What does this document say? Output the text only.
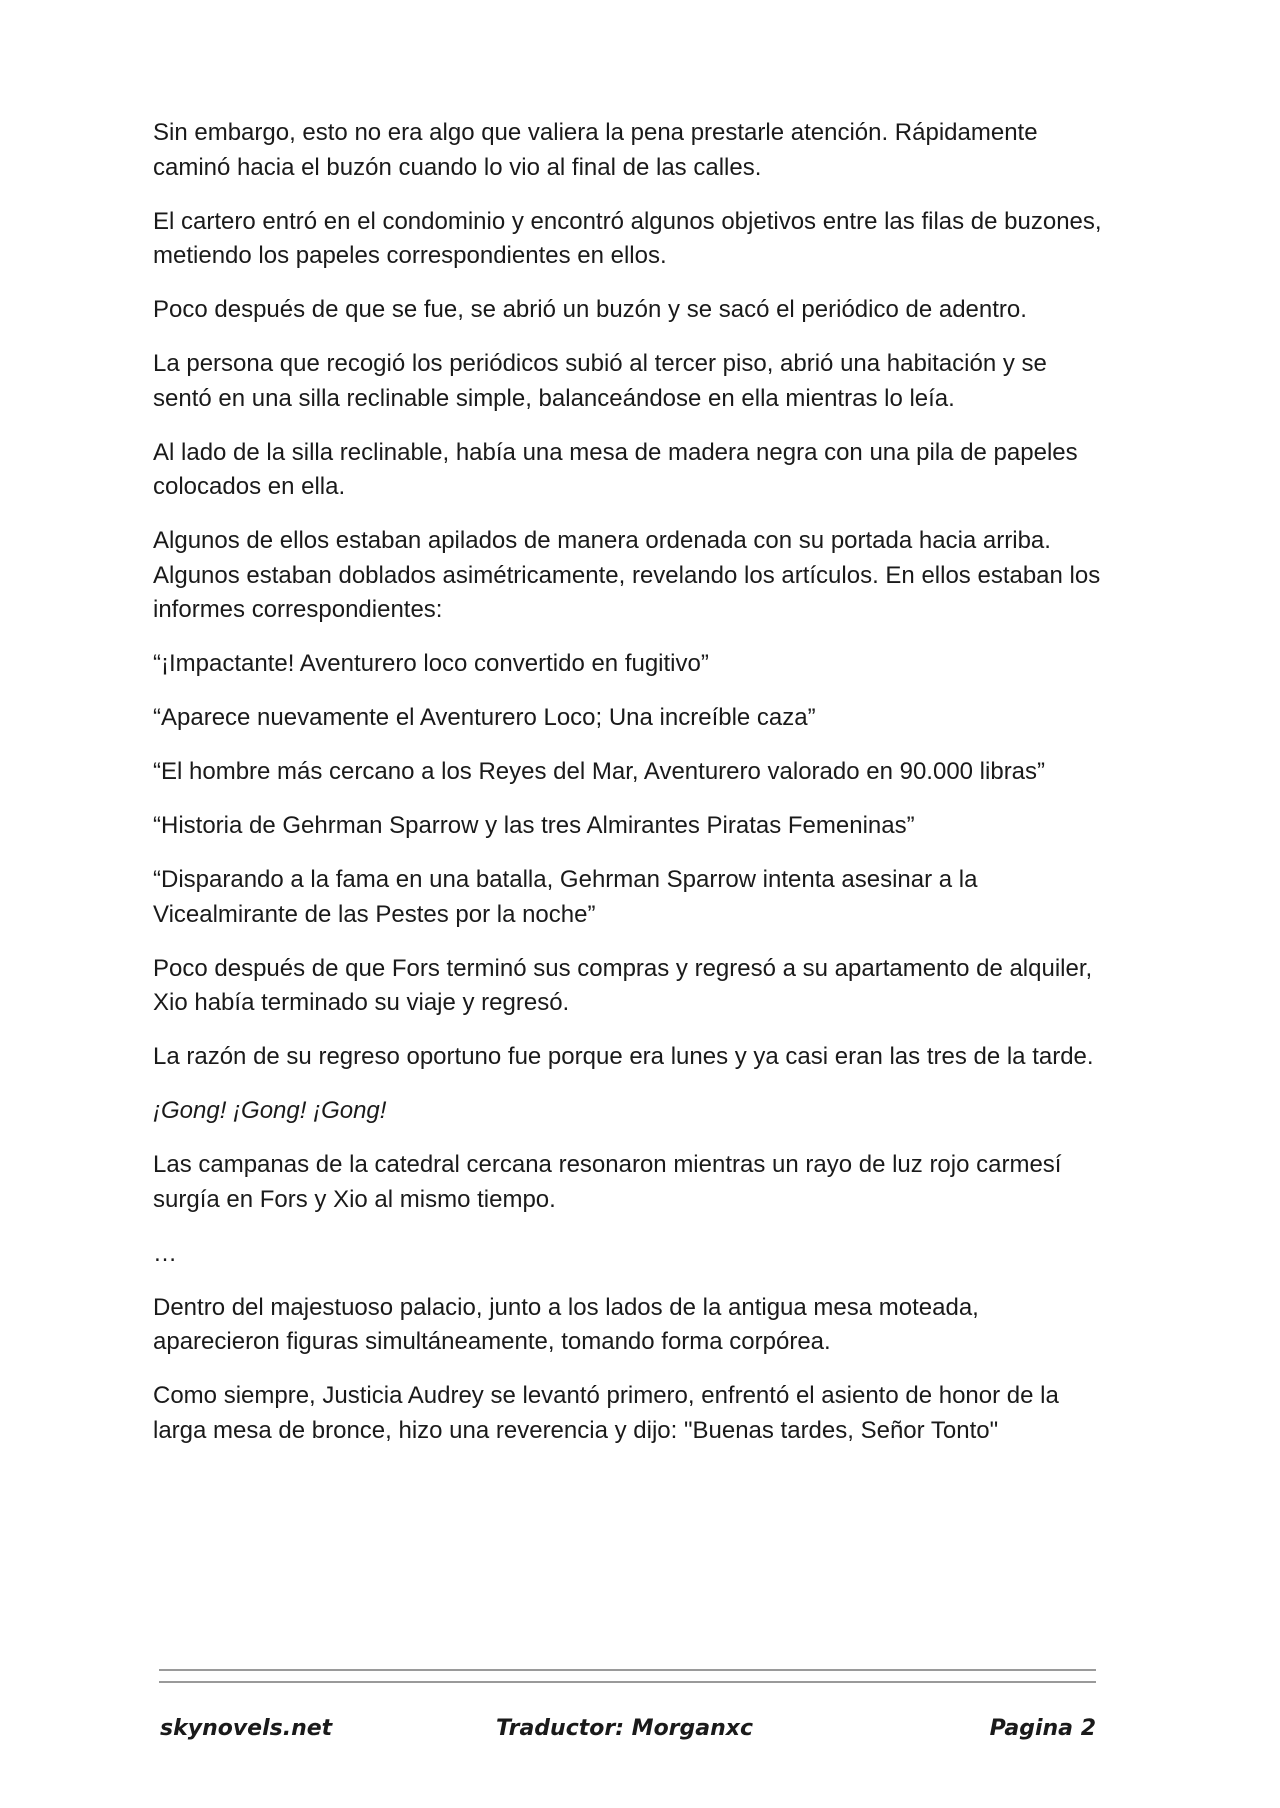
Sin embargo, esto no era algo que valiera la pena prestarle atención. Rápidamente caminó hacia el buzón cuando lo vio al final de las calles.

El cartero entró en el condominio y encontró algunos objetivos entre las filas de buzones, metiendo los papeles correspondientes en ellos.

Poco después de que se fue, se abrió un buzón y se sacó el periódico de adentro.

La persona que recogió los periódicos subió al tercer piso, abrió una habitación y se sentó en una silla reclinable simple, balanceándose en ella mientras lo leía.

Al lado de la silla reclinable, había una mesa de madera negra con una pila de papeles colocados en ella.

Algunos de ellos estaban apilados de manera ordenada con su portada hacia arriba. Algunos estaban doblados asimétricamente, revelando los artículos. En ellos estaban los informes correspondientes:

“¡Impactante! Aventurero loco convertido en fugitivo”

“Aparece nuevamente el Aventurero Loco; Una increíble caza”

“El hombre más cercano a los Reyes del Mar, Aventurero valorado en 90.000 libras”

“Historia de Gehrman Sparrow y las tres Almirantes Piratas Femeninas”

“Disparando a la fama en una batalla, Gehrman Sparrow intenta asesinar a la Vicealmirante de las Pestes por la noche”

Poco después de que Fors terminó sus compras y regresó a su apartamento de alquiler, Xio había terminado su viaje y regresó.

La razón de su regreso oportuno fue porque era lunes y ya casi eran las tres de la tarde.

¡Gong! ¡Gong! ¡Gong!

Las campanas de la catedral cercana resonaron mientras un rayo de luz rojo carmesí surgía en Fors y Xio al mismo tiempo.

…

Dentro del majestuoso palacio, junto a los lados de la antigua mesa moteada, aparecieron figuras simultáneamente, tomando forma corpórea.

Como siempre, Justicia Audrey se levantó primero, enfrentó el asiento de honor de la larga mesa de bronce, hizo una reverencia y dijo: "Buenas tardes, Señor Tonto"

skynovels.net	Traductor: Morganxc	Pagina 2
